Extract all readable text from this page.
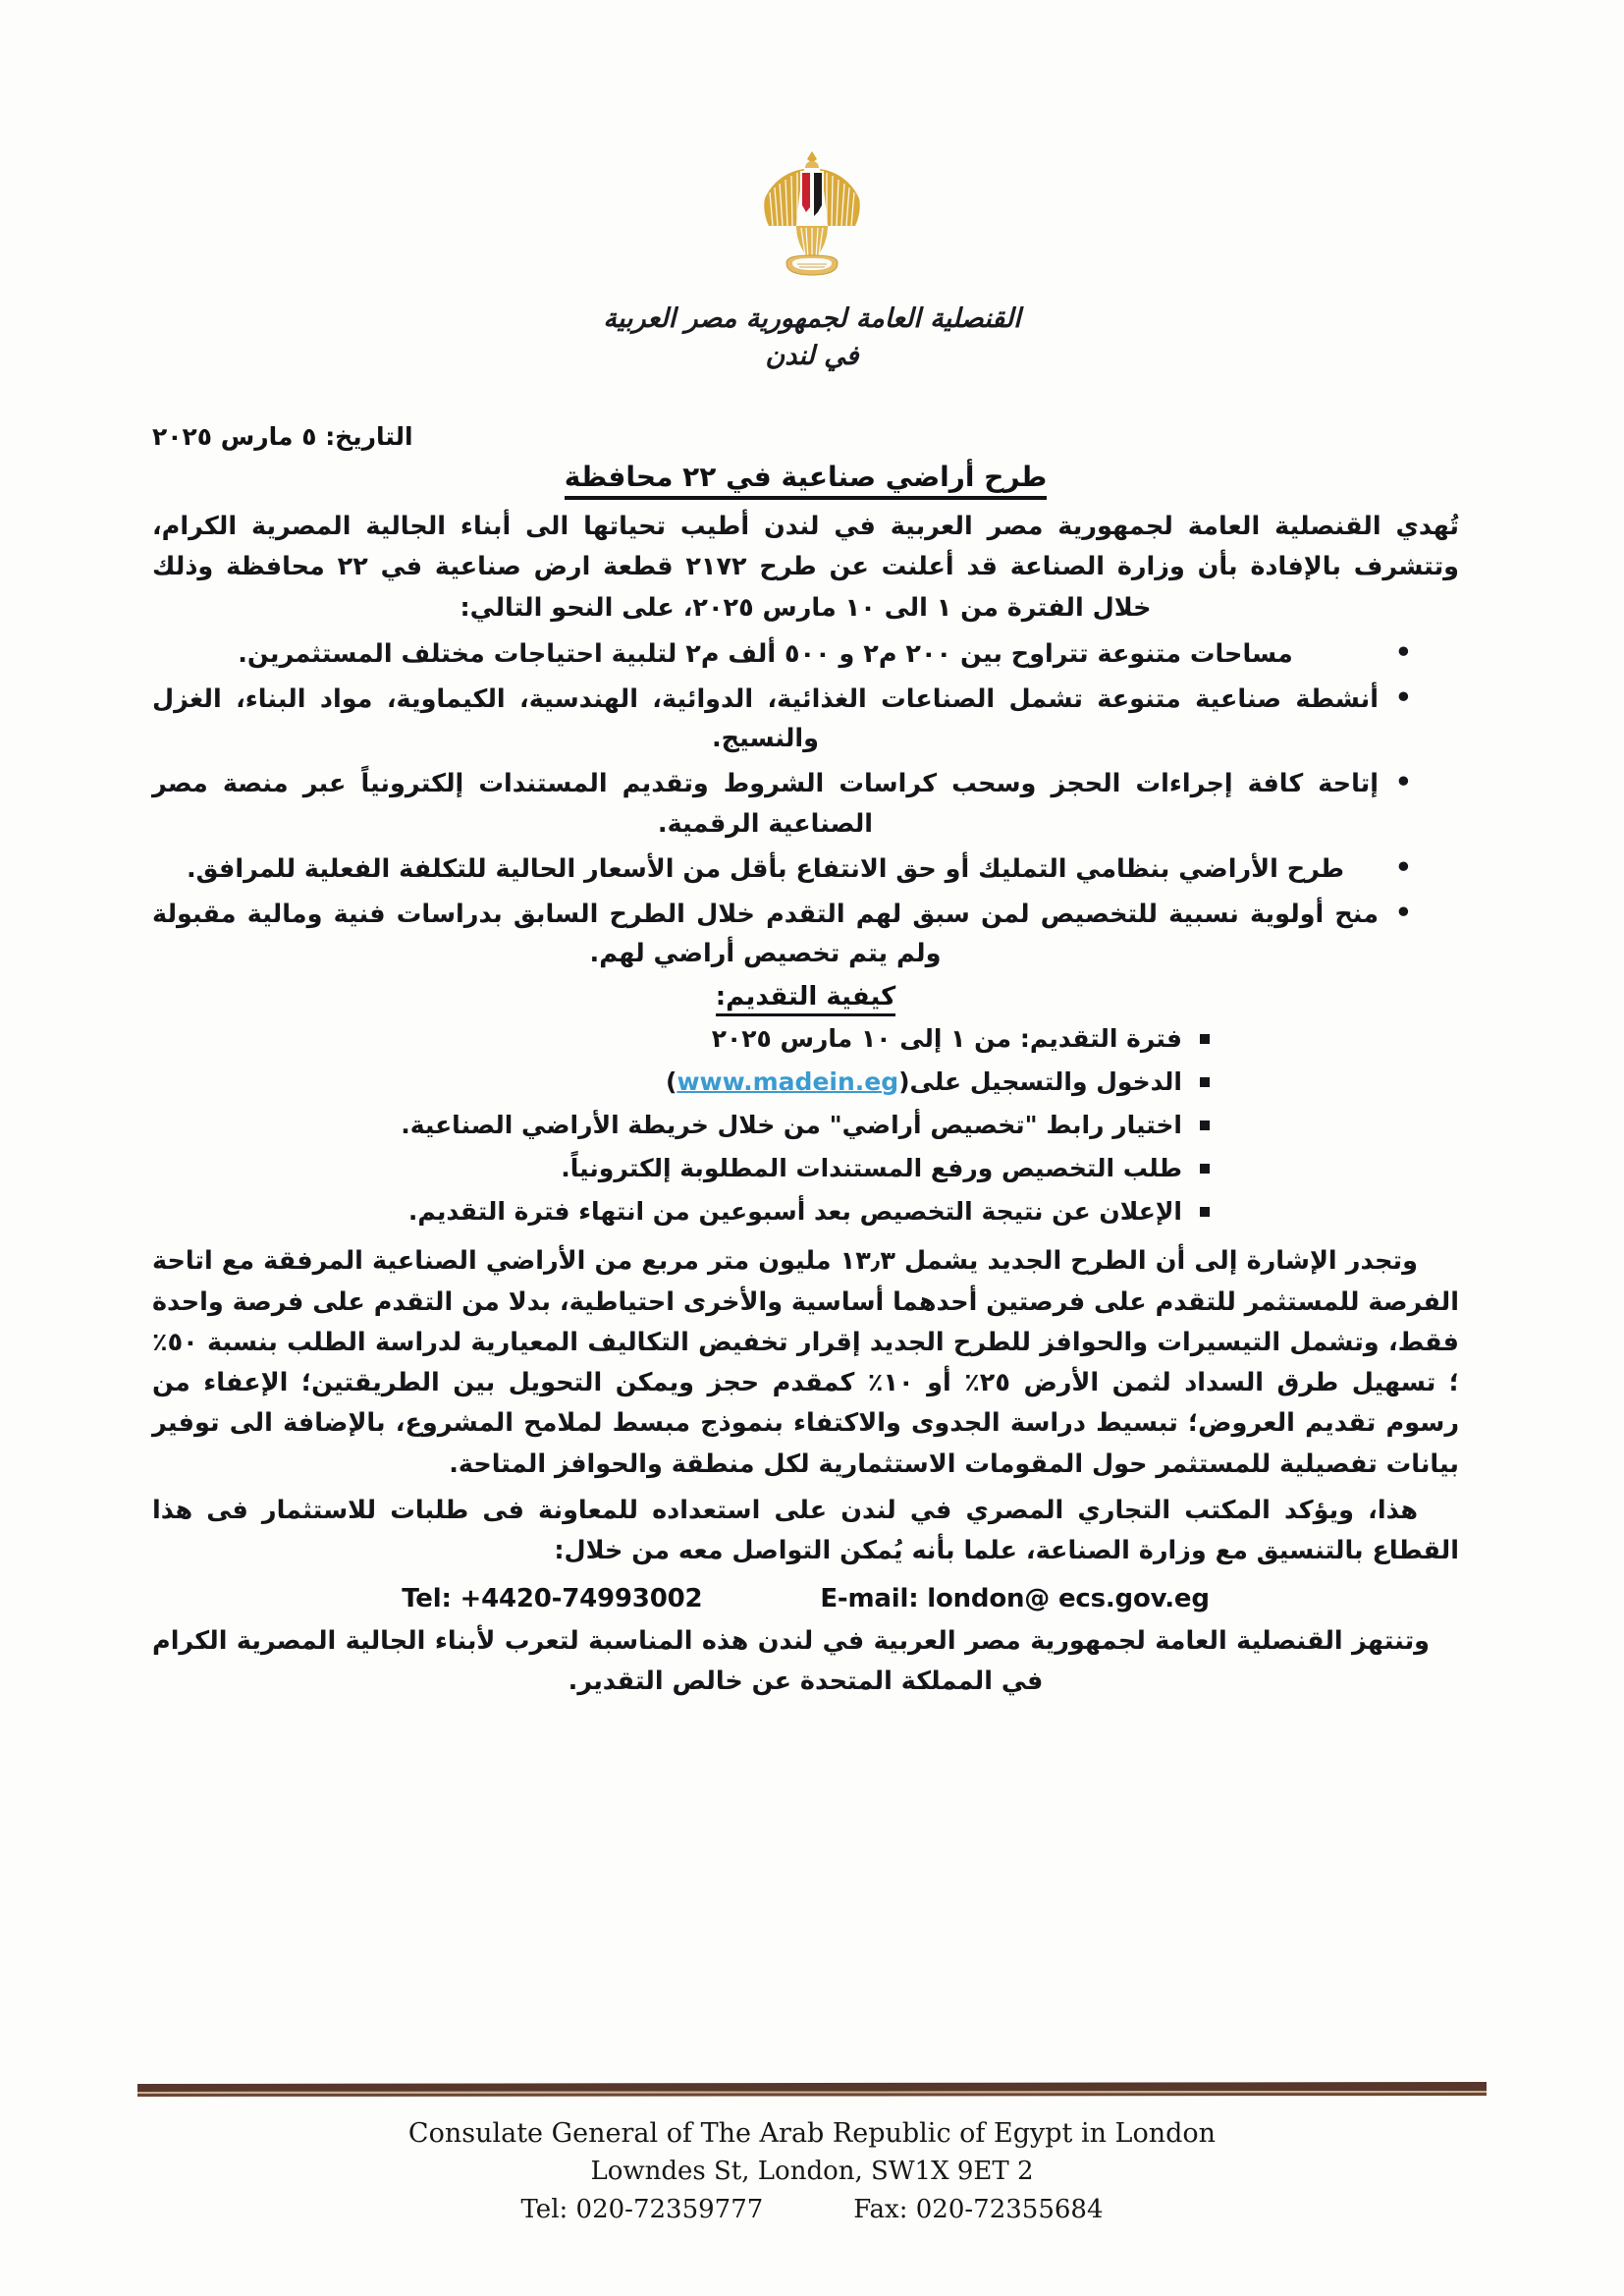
القنصلية العامة لجمهورية مصر العربية
في لندن
التاريخ: ٥ مارس ٢٠٢٥
طرح أراضي صناعية في ٢٢ محافظة

تُهدي القنصلية العامة لجمهورية مصر العربية في لندن أطيب تحياتها الى أبناء الجالية المصرية الكرام، وتتشرف بالإفادة بأن وزارة الصناعة قد أعلنت عن طرح ٢١٧٢ قطعة ارض صناعية في ٢٢ محافظة وذلك خلال الفترة من ١ الى ١٠ مارس ٢٠٢٥، على النحو التالي:

• مساحات متنوعة تتراوح بين ٢٠٠ م٢ و ٥٠٠ ألف م٢ لتلبية احتياجات مختلف المستثمرين.
• أنشطة صناعية متنوعة تشمل الصناعات الغذائية، الدوائية، الهندسية، الكيماوية، مواد البناء، الغزل والنسيج.
• إتاحة كافة إجراءات الحجز وسحب كراسات الشروط وتقديم المستندات إلكترونياً عبر منصة مصر الصناعية الرقمية.
• طرح الأراضي بنظامي التمليك أو حق الانتفاع بأقل من الأسعار الحالية للتكلفة الفعلية للمرافق.
• منح أولوية نسبية للتخصيص لمن سبق لهم التقدم خلال الطرح السابق بدراسات فنية ومالية مقبولة ولم يتم تخصيص أراضي لهم.
كيفية التقديم:
فترة التقديم: من ١ إلى ١٠ مارس ٢٠٢٥
الدخول والتسجيل على(www.madein.eg)
اختيار رابط "تخصيص أراضي" من خلال خريطة الأراضي الصناعية.
طلب التخصيص ورفع المستندات المطلوبة إلكترونياً.
الإعلان عن نتيجة التخصيص بعد أسبوعين من انتهاء فترة التقديم.

وتجدر الإشارة إلى أن الطرح الجديد يشمل ١٣٫٣ مليون متر مربع من الأراضي الصناعية المرفقة مع اتاحة الفرصة للمستثمر للتقدم على فرصتين أحدهما أساسية والأخرى احتياطية، بدلا من التقدم على فرصة واحدة فقط، وتشمل التيسيرات والحوافز للطرح الجديد إقرار تخفيض التكاليف المعيارية لدراسة الطلب بنسبة ٥٠٪ ؛ تسهيل طرق السداد لثمن الأرض ٢٥٪ أو ١٠٪ كمقدم حجز ويمكن التحويل بين الطريقتين؛ الإعفاء من رسوم تقديم العروض؛ تبسيط دراسة الجدوى والاكتفاء بنموذج مبسط لملامح المشروع، بالإضافة الى توفير بيانات تفصيلية للمستثمر حول المقومات الاستثمارية لكل منطقة والحوافز المتاحة.

هذا، ويؤكد المكتب التجاري المصري في لندن على استعداده للمعاونة فى طلبات للاستثمار فى هذا القطاع بالتنسيق مع وزارة الصناعة، علما بأنه يُمكن التواصل معه من خلال:

Tel: +4420-74993002	E-mail: london@ ecs.gov.eg

وتنتهز القنصلية العامة لجمهورية مصر العربية في لندن هذه المناسبة لتعرب لأبناء الجالية المصرية الكرام في المملكة المتحدة عن خالص التقدير.

Consulate General of The Arab Republic of Egypt in London
2 Lowndes St, London, SW1X 9ET
Tel: 020-72359777	Fax: 020-72355684
